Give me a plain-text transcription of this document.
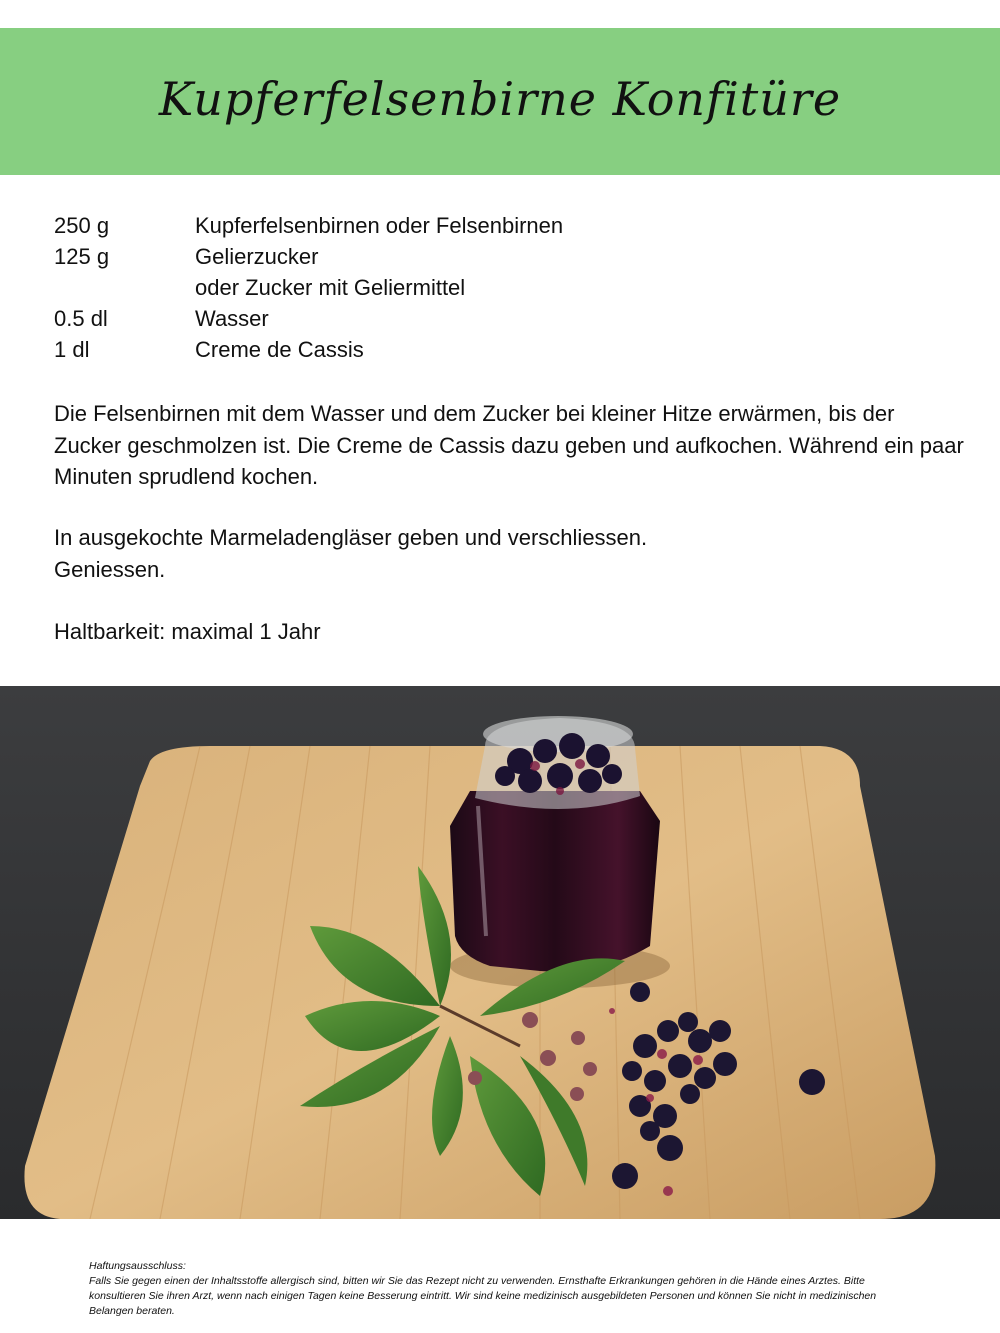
Kupferfelsenbirne Konfitüre
250 g	Kupferfelsenbirnen oder Felsenbirnen
125 g	Gelierzucker
oder Zucker mit Geliermittel
0.5 dl	Wasser
1 dl	Creme de Cassis

Die Felsenbirnen mit dem Wasser und dem Zucker bei kleiner Hitze erwärmen, bis der Zucker geschmolzen ist. Die Creme de Cassis dazu geben und aufkochen. Während ein paar Minuten sprudlend kochen.

In ausgekochte Marmeladengläser geben und verschliessen.
Geniessen.

Haltbarkeit: maximal 1 Jahr

Haftungsausschluss:

Falls Sie gegen einen der Inhaltsstoffe allergisch sind, bitten wir Sie das Rezept nicht zu verwenden. Ernsthafte Erkrankungen gehören in die Hände eines Arztes. Bitte konsultieren Sie ihren Arzt, wenn nach einigen Tagen keine Besserung eintritt. Wir sind keine medizinisch ausgebildeten Personen und können Sie nicht in medizinischen Belangen beraten.
